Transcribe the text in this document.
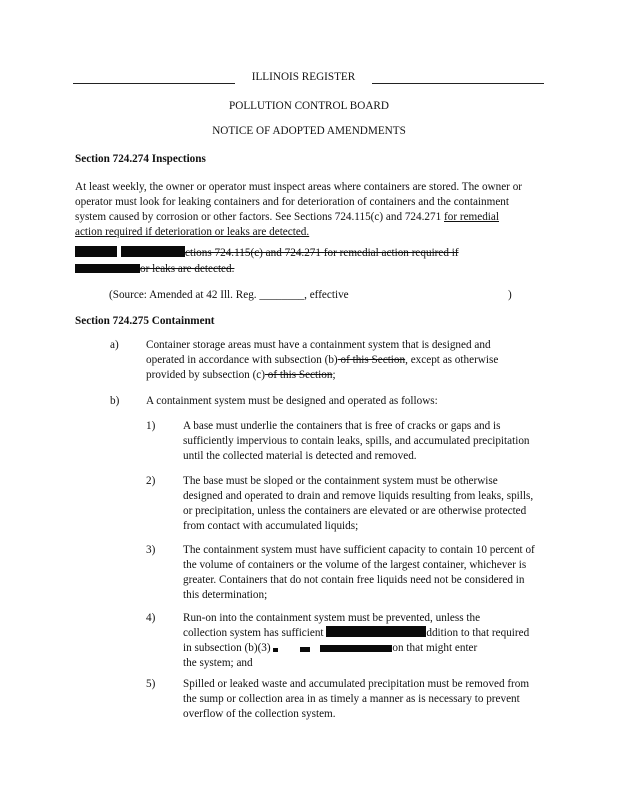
ILLINOIS REGISTER
POLLUTION CONTROL BOARD
NOTICE OF ADOPTED AMENDMENTS
Section 724.274 Inspections
At least weekly, the owner or operator must inspect areas where containers are stored. The owner or operator must look for leaking containers and for deterioration of containers and the containment system caused by corrosion or other factors. See Sections 724.115(c) and 724.271 for remedial action required if deterioration or leaks are detected.
ctions 724.115(c) and 724.271 for remedial action required if
or leaks are detected.
(Source: Amended at 42 Ill. Reg. ________, effective	)
Section 724.275 Containment
a) Container storage areas must have a containment system that is designed and operated in accordance with subsection (b) of this Section, except as otherwise provided by subsection (c) of this Section;
b) A containment system must be designed and operated as follows:
1) A base must underlie the containers that is free of cracks or gaps and is sufficiently impervious to contain leaks, spills, and accumulated precipitation until the collected material is detected and removed.
2) The base must be sloped or the containment system must be otherwise designed and operated to drain and remove liquids resulting from leaks, spills, or precipitation, unless the containers are elevated or are otherwise protected from contact with accumulated liquids;
3) The containment system must have sufficient capacity to contain 10 percent of the volume of containers or the volume of the largest container, whichever is greater. Containers that do not contain free liquids need not be considered in this determination;
4) Run-on into the containment system must be prevented, unless the
collection system has sufficient	ddition to that required
in subsection (b)(3)	on that might enter
the system; and
5) Spilled or leaked waste and accumulated precipitation must be removed from the sump or collection area in as timely a manner as is necessary to prevent overflow of the collection system.
